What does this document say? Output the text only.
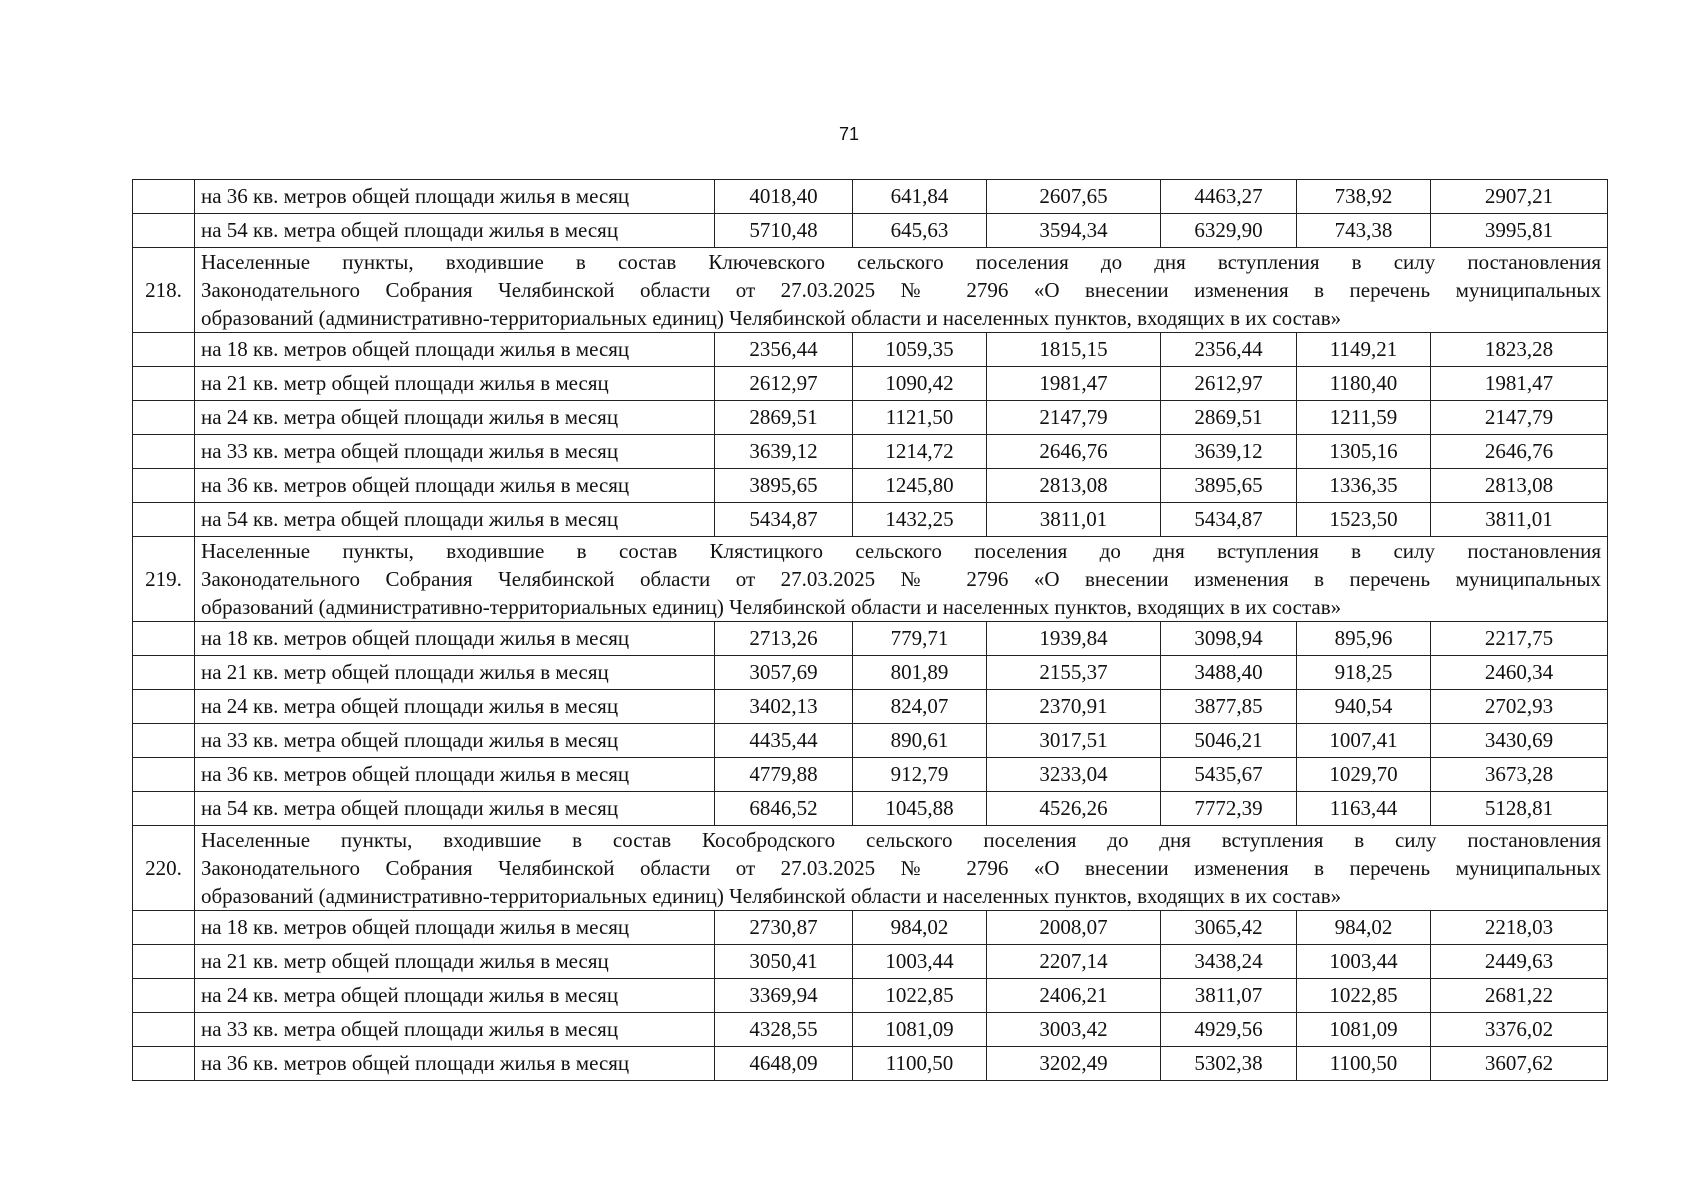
71
	на 36 кв. метров общей площади жилья в месяц	4018,40	641,84	2607,65	4463,27	738,92	2907,21
	на 54 кв. метра общей площади жилья в месяц	5710,48	645,63	3594,34	6329,90	743,38	3995,81
218.	Населенные пункты, входившие в состав Ключевского сельского поселения до дня вступления в силу постановления
Законодательного Собрания Челябинской области от 27.03.2025 № 2796 «О внесении изменения в перечень муниципальных
образований (административно-территориальных единиц) Челябинской области и населенных пунктов, входящих в их состав»						

	на 18 кв. метров общей площади жилья в месяц	2356,44	1059,35	1815,15	2356,44	1149,21	1823,28
	на 21 кв. метр общей площади жилья в месяц	2612,97	1090,42	1981,47	2612,97	1180,40	1981,47
	на 24 кв. метра общей площади жилья в месяц	2869,51	1121,50	2147,79	2869,51	1211,59	2147,79
	на 33 кв. метра общей площади жилья в месяц	3639,12	1214,72	2646,76	3639,12	1305,16	2646,76
	на 36 кв. метров общей площади жилья в месяц	3895,65	1245,80	2813,08	3895,65	1336,35	2813,08
	на 54 кв. метра общей площади жилья в месяц	5434,87	1432,25	3811,01	5434,87	1523,50	3811,01
219.	Населенные пункты, входившие в состав Клястицкого сельского поселения до дня вступления в силу постановления
Законодательного Собрания Челябинской области от 27.03.2025 № 2796 «О внесении изменения в перечень муниципальных
образований (административно-территориальных единиц) Челябинской области и населенных пунктов, входящих в их состав»						

	на 18 кв. метров общей площади жилья в месяц	2713,26	779,71	1939,84	3098,94	895,96	2217,75
	на 21 кв. метр общей площади жилья в месяц	3057,69	801,89	2155,37	3488,40	918,25	2460,34
	на 24 кв. метра общей площади жилья в месяц	3402,13	824,07	2370,91	3877,85	940,54	2702,93
	на 33 кв. метра общей площади жилья в месяц	4435,44	890,61	3017,51	5046,21	1007,41	3430,69
	на 36 кв. метров общей площади жилья в месяц	4779,88	912,79	3233,04	5435,67	1029,70	3673,28
	на 54 кв. метра общей площади жилья в месяц	6846,52	1045,88	4526,26	7772,39	1163,44	5128,81
220.	Населенные пункты, входившие в состав Кособродского сельского поселения до дня вступления в силу постановления
Законодательного Собрания Челябинской области от 27.03.2025 № 2796 «О внесении изменения в перечень муниципальных
образований (административно-территориальных единиц) Челябинской области и населенных пунктов, входящих в их состав»						

	на 18 кв. метров общей площади жилья в месяц	2730,87	984,02	2008,07	3065,42	984,02	2218,03
	на 21 кв. метр общей площади жилья в месяц	3050,41	1003,44	2207,14	3438,24	1003,44	2449,63
	на 24 кв. метра общей площади жилья в месяц	3369,94	1022,85	2406,21	3811,07	1022,85	2681,22
	на 33 кв. метра общей площади жилья в месяц	4328,55	1081,09	3003,42	4929,56	1081,09	3376,02
	на 36 кв. метров общей площади жилья в месяц	4648,09	1100,50	3202,49	5302,38	1100,50	3607,62
